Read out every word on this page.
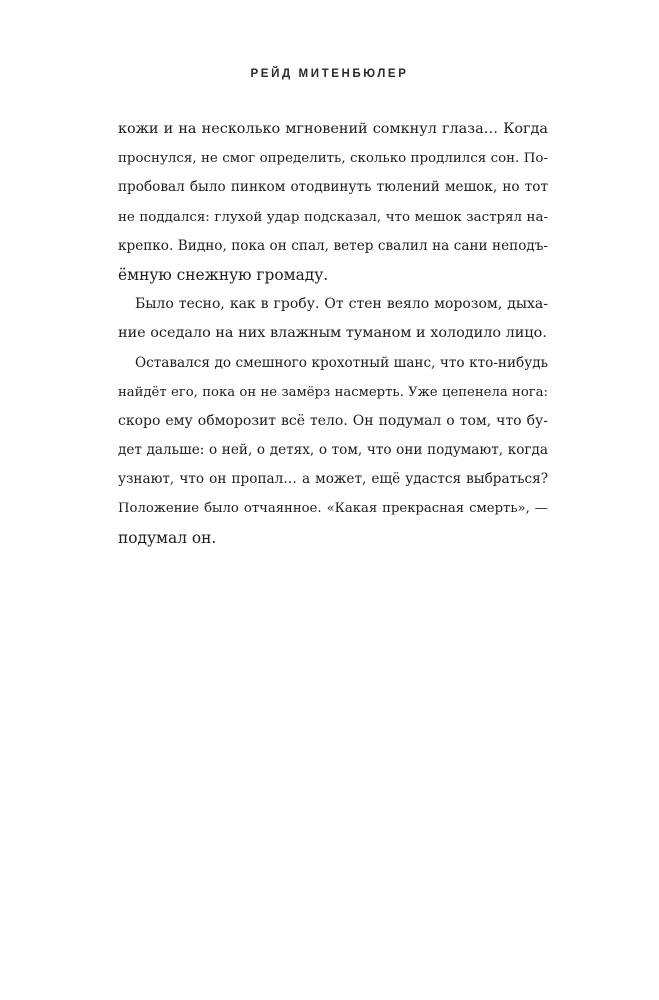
РЕЙД МИТЕНБЮЛЕР
кожи и на несколько мгновений сомкнул глаза… Когда
проснулся, не смог определить, сколько продлился сон. По-
пробовал было пинком отодвинуть тюлений мешок, но тот
не поддался: глухой удар подсказал, что мешок застрял на-
крепко. Видно, пока он спал, ветер свалил на сани неподъ-
ёмную снежную громаду.
Было тесно, как в гробу. От стен веяло морозом, дыха-
ние оседало на них влажным туманом и холодило лицо.
Оставался до смешного крохотный шанс, что кто-нибудь
найдёт его, пока он не замёрз насмерть. Уже цепенела нога:
скоро ему обморозит всё тело. Он подумал о том, что бу-
дет дальше: о ней, о детях, о том, что они подумают, когда
узнают, что он пропал… а может, ещё удастся выбраться?
Положение было отчаянное. «Какая прекрасная смерть», —
подумал он.
